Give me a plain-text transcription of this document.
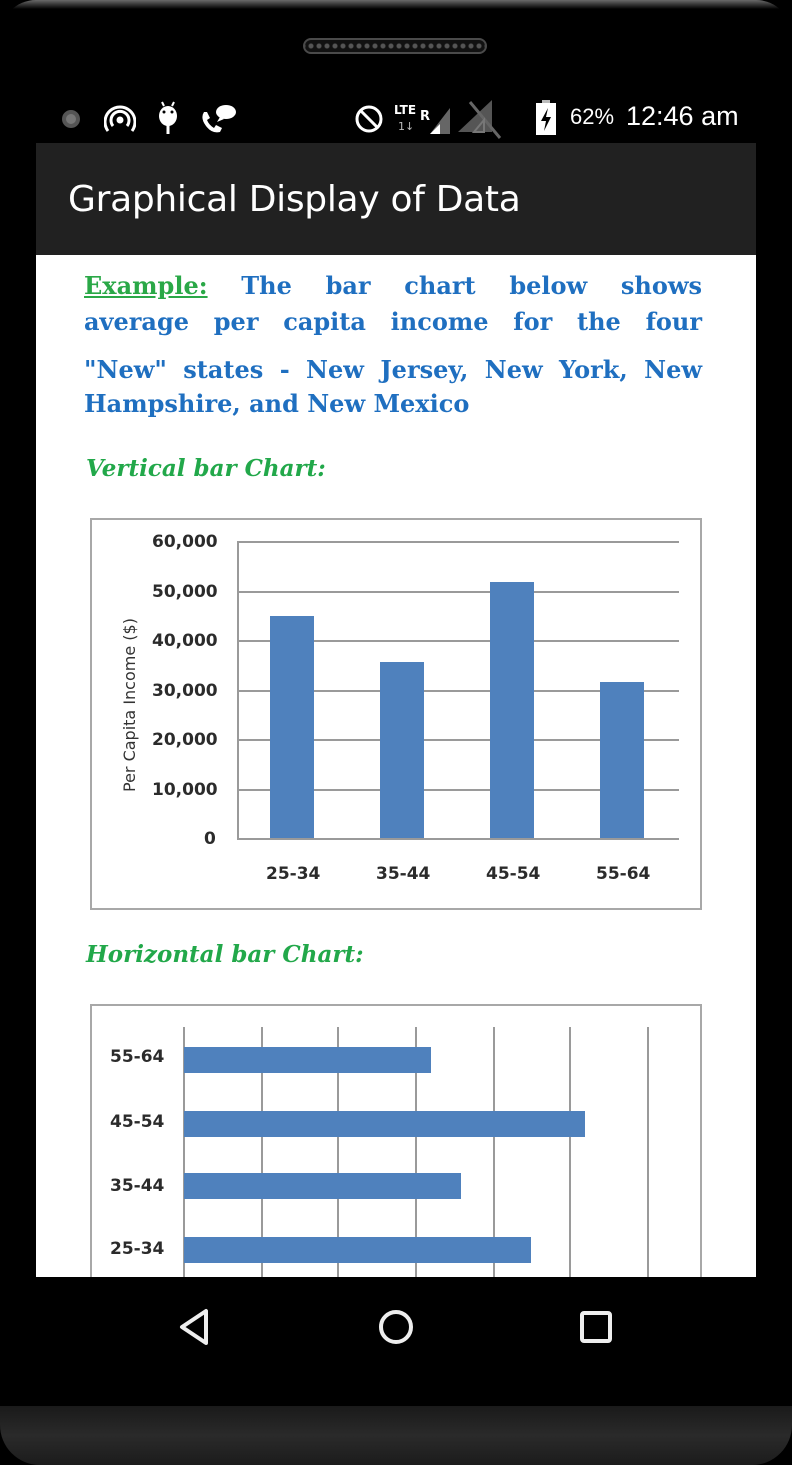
LTE
1↓
R	62% 12:46 am
Graphical Display of Data
Example: The bar chart below shows
average per capita income for the four
"New" states - New Jersey, New York, New
Hampshire, and New Mexico
Vertical bar Chart:
Per Capita Income ($)
60,000
50,000
40,000
30,000
20,000
10,000
0
25-34	35-44	45-54	55-64
Horizontal bar Chart:
55-64
45-54
35-44
25-34
